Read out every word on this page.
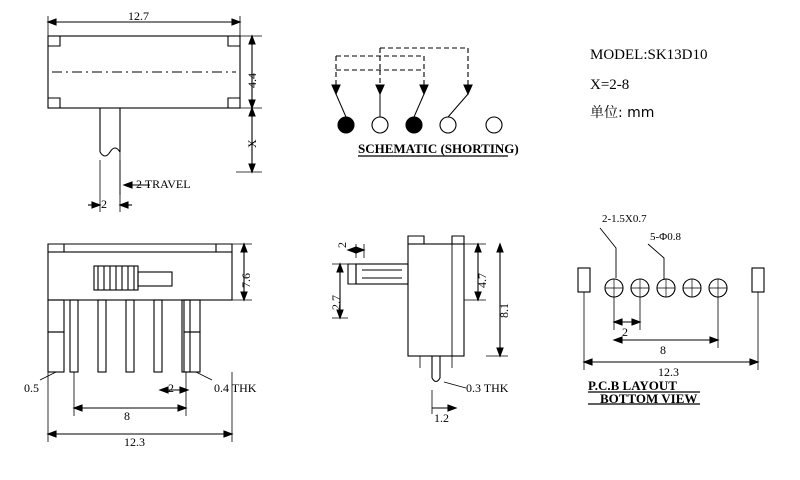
12.7
4.4
X
2 TRAVEL
2
SCHEMATIC (SHORTING)
MODEL:SK13D10
X=2-8
单位: mm
7.6
0.5	2	0.4 THK
8
12.3
2
2.7
4.7
8.1
0.3 THK
1.2
2-1.5X0.7
5-Φ0.8
2
8
12.3
P.C.B LAYOUT
BOTTOM VIEW
